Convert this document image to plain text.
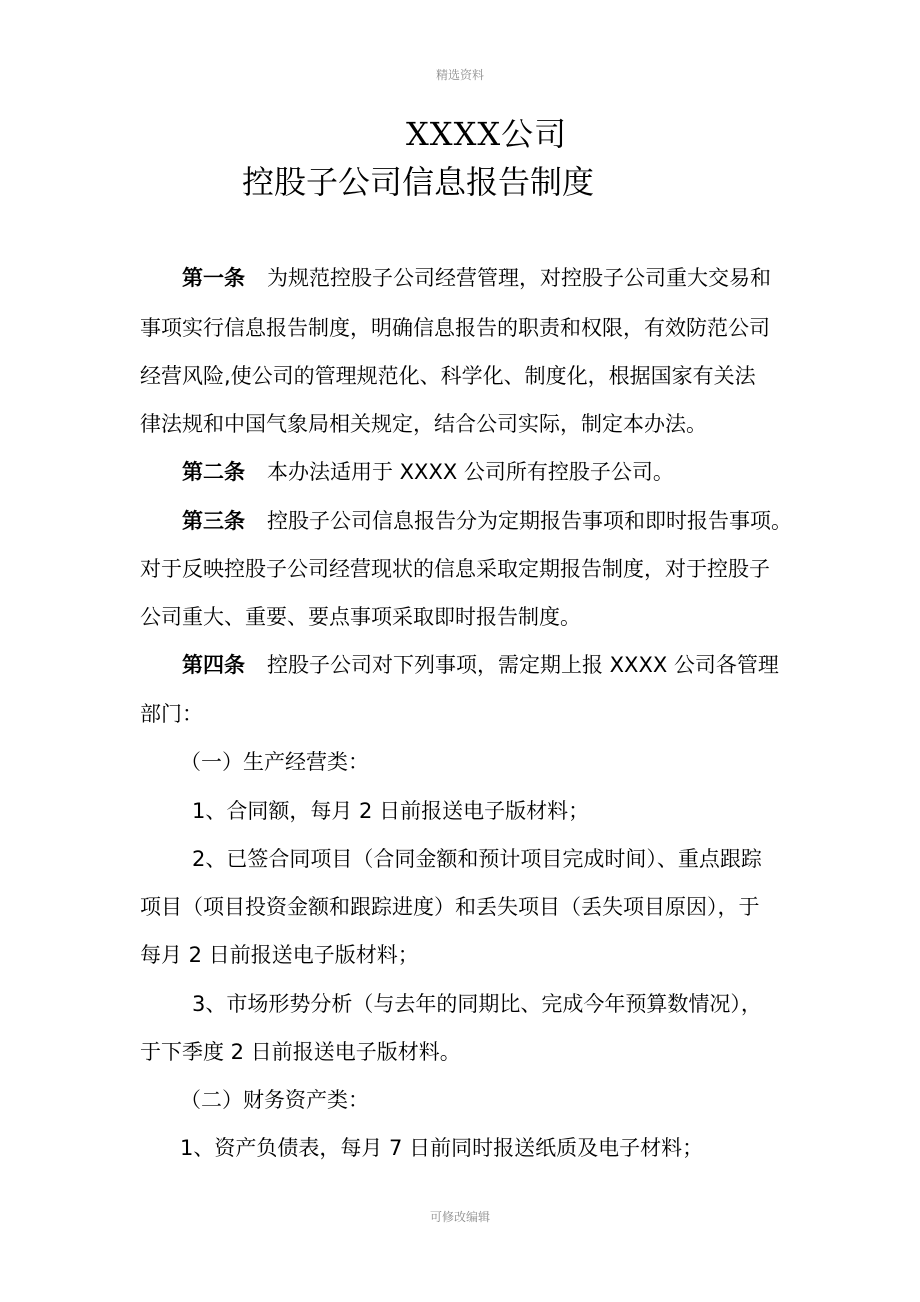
精选资料
XXXX公司
控股子公司信息报告制度
第一条 为规范控股子公司经营管理，对控股子公司重大交易和
事项实行信息报告制度，明确信息报告的职责和权限，有效防范公司
经营风险,使公司的管理规范化、科学化、制度化，根据国家有关法
律法规和中国气象局相关规定，结合公司实际，制定本办法。
第二条 本办法适用于 XXXX 公司所有控股子公司。
第三条 控股子公司信息报告分为定期报告事项和即时报告事项。
对于反映控股子公司经营现状的信息采取定期报告制度，对于控股子
公司重大、重要、要点事项采取即时报告制度。
第四条 控股子公司对下列事项，需定期上报 XXXX 公司各管理
部门：
（一）生产经营类：
1、合同额，每月 2 日前报送电子版材料；
2、已签合同项目（合同金额和预计项目完成时间）、重点跟踪
项目（项目投资金额和跟踪进度）和丢失项目（丢失项目原因），于
每月 2 日前报送电子版材料；
3、市场形势分析（与去年的同期比、完成今年预算数情况），
于下季度 2 日前报送电子版材料。
（二）财务资产类：
1、资产负债表，每月 7 日前同时报送纸质及电子材料；
可修改编辑
